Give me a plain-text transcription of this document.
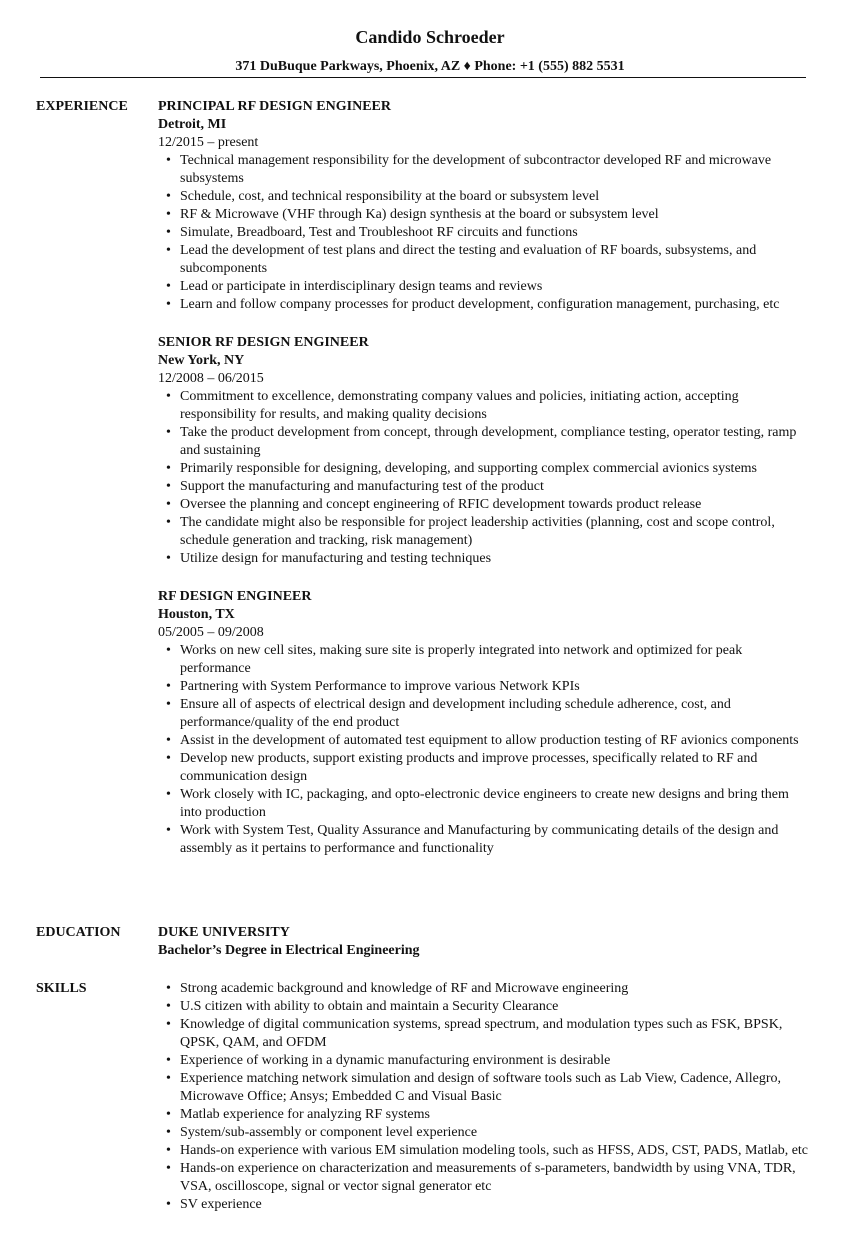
Candido Schroeder
371 DuBuque Parkways, Phoenix, AZ ♦ Phone: +1 (555) 882 5531
EXPERIENCE	PRINCIPAL RF DESIGN ENGINEER
Detroit, MI
12/2015 – present
• Technical management responsibility for the development of subcontractor developed RF and microwave subsystems
• Schedule, cost, and technical responsibility at the board or subsystem level
• RF & Microwave (VHF through Ka) design synthesis at the board or subsystem level
• Simulate, Breadboard, Test and Troubleshoot RF circuits and functions
• Lead the development of test plans and direct the testing and evaluation of RF boards, subsystems, and subcomponents
• Lead or participate in interdisciplinary design teams and reviews
• Learn and follow company processes for product development, configuration management, purchasing, etc
SENIOR RF DESIGN ENGINEER
New York, NY
12/2008 – 06/2015
• Commitment to excellence, demonstrating company values and policies, initiating action, accepting responsibility for results, and making quality decisions
• Take the product development from concept, through development, compliance testing, operator testing, ramp and sustaining
• Primarily responsible for designing, developing, and supporting complex commercial avionics systems
• Support the manufacturing and manufacturing test of the product
• Oversee the planning and concept engineering of RFIC development towards product release
• The candidate might also be responsible for project leadership activities (planning, cost and scope control, schedule generation and tracking, risk management)
• Utilize design for manufacturing and testing techniques
RF DESIGN ENGINEER
Houston, TX
05/2005 – 09/2008
• Works on new cell sites, making sure site is properly integrated into network and optimized for peak performance
• Partnering with System Performance to improve various Network KPIs
• Ensure all of aspects of electrical design and development including schedule adherence, cost, and performance/quality of the end product
• Assist in the development of automated test equipment to allow production testing of RF avionics components
• Develop new products, support existing products and improve processes, specifically related to RF and communication design
• Work closely with IC, packaging, and opto-electronic device engineers to create new designs and bring them into production
• Work with System Test, Quality Assurance and Manufacturing by communicating details of the design and assembly as it pertains to performance and functionality
EDUCATION	DUKE UNIVERSITY
Bachelor’s Degree in Electrical Engineering
SKILLS
•	Strong academic background and knowledge of RF and Microwave engineering
• U.S citizen with ability to obtain and maintain a Security Clearance
• Knowledge of digital communication systems, spread spectrum, and modulation types such as FSK, BPSK, QPSK, QAM, and OFDM
• Experience of working in a dynamic manufacturing environment is desirable
• Experience matching network simulation and design of software tools such as Lab View, Cadence, Allegro, Microwave Office; Ansys; Embedded C and Visual Basic
• Matlab experience for analyzing RF systems
• System/sub-assembly or component level experience
• Hands-on experience with various EM simulation modeling tools, such as HFSS, ADS, CST, PADS, Matlab, etc
• Hands-on experience on characterization and measurements of s-parameters, bandwidth by using VNA, TDR, VSA, oscilloscope, signal or vector signal generator etc
• SV experience
